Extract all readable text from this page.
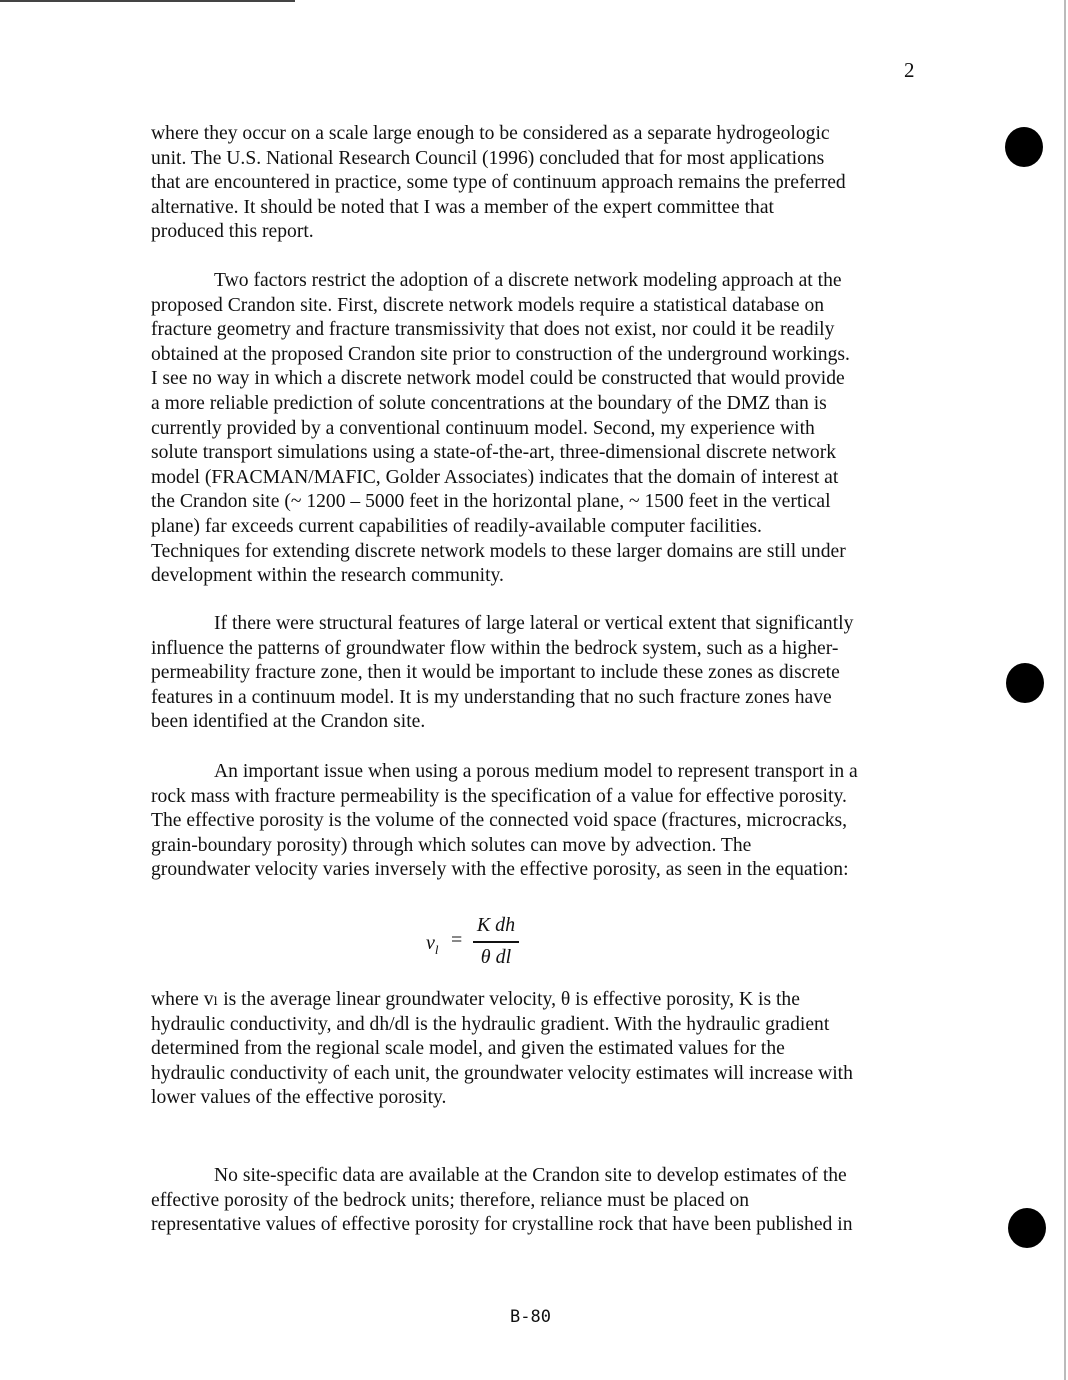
2

where they occur on a scale large enough to be considered as a separate hydrogeologic
unit. The U.S. National Research Council (1996) concluded that for most applications
that are encountered in practice, some type of continuum approach remains the preferred
alternative. It should be noted that I was a member of the expert committee that
produced this report.

Two factors restrict the adoption of a discrete network modeling approach at the
proposed Crandon site. First, discrete network models require a statistical database on
fracture geometry and fracture transmissivity that does not exist, nor could it be readily
obtained at the proposed Crandon site prior to construction of the underground workings.
I see no way in which a discrete network model could be constructed that would provide
a more reliable prediction of solute concentrations at the boundary of the DMZ than is
currently provided by a conventional continuum model. Second, my experience with
solute transport simulations using a state-of-the-art, three-dimensional discrete network
model (FRACMAN/MAFIC, Golder Associates) indicates that the domain of interest at
the Crandon site (~ 1200 – 5000 feet in the horizontal plane, ~ 1500 feet in the vertical
plane) far exceeds current capabilities of readily-available computer facilities.
Techniques for extending discrete network models to these larger domains are still under
development within the research community.

If there were structural features of large lateral or vertical extent that significantly
influence the patterns of groundwater flow within the bedrock system, such as a higher-
permeability fracture zone, then it would be important to include these zones as discrete
features in a continuum model. It is my understanding that no such fracture zones have
been identified at the Crandon site.

An important issue when using a porous medium model to represent transport in a
rock mass with fracture permeability is the specification of a value for effective porosity.
The effective porosity is the volume of the connected void space (fractures, microcracks,
grain-boundary porosity) through which solutes can move by advection. The
groundwater velocity varies inversely with the effective porosity, as seen in the equation:

$v_l$ =
K dh
θ dl

where vₗ is the average linear groundwater velocity, θ is effective porosity, K is the
hydraulic conductivity, and dh/dl is the hydraulic gradient. With the hydraulic gradient
determined from the regional scale model, and given the estimated values for the
hydraulic conductivity of each unit, the groundwater velocity estimates will increase with
lower values of the effective porosity.

No site-specific data are available at the Crandon site to develop estimates of the
effective porosity of the bedrock units; therefore, reliance must be placed on
representative values of effective porosity for crystalline rock that have been published in

B-80
